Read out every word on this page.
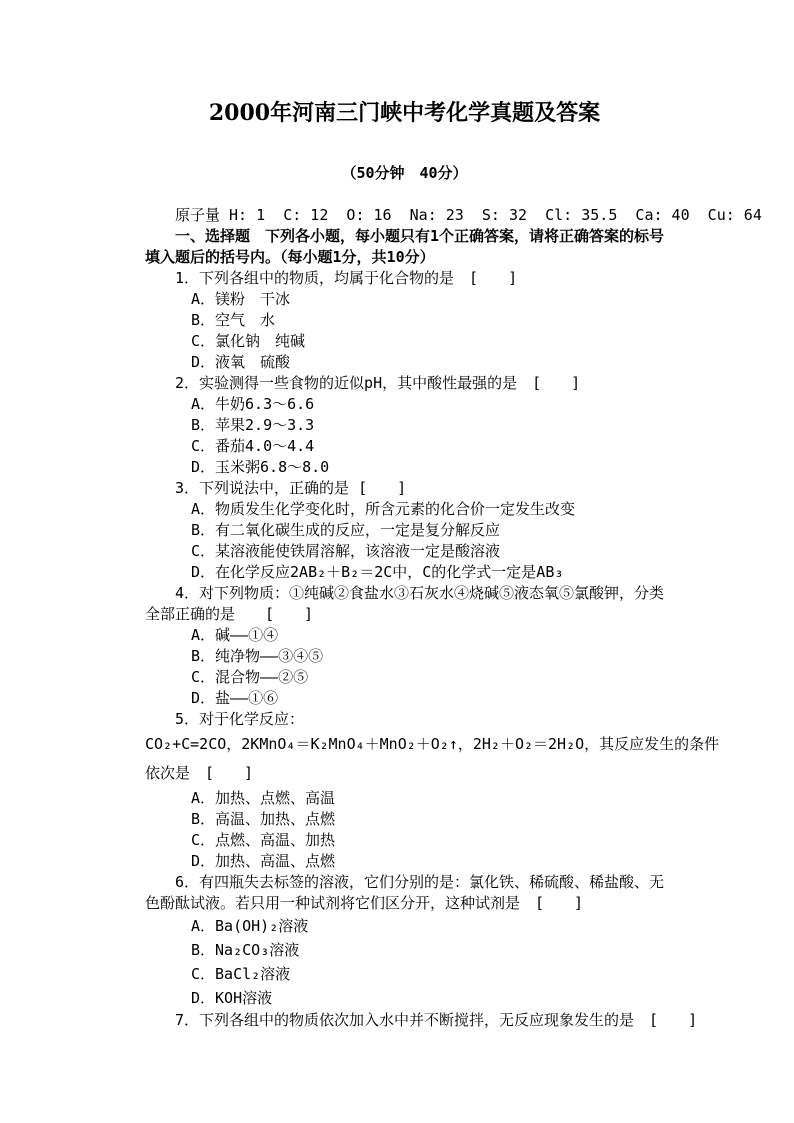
2000年河南三门峡中考化学真题及答案
（50分钟　40分）
原子量 H: 1  C: 12  O: 16  Na: 23  S: 32  Cl: 35.5  Ca: 40  Cu: 64
一、选择题　下列各小题，每小题只有1个正确答案，请将正确答案的标号
填入题后的括号内。（每小题1分，共10分）
1．下列各组中的物质，均属于化合物的是　[　　]
A．镁粉　干冰
B．空气　水
C．氯化钠　纯碱
D．液氧　硫酸
2．实验测得一些食物的近似pH，其中酸性最强的是　[　　]
A．牛奶6.3～6.6
B．苹果2.9～3.3
C．番茄4.0～4.4
D．玉米粥6.8～8.0
3．下列说法中，正确的是 [　　]
A．物质发生化学变化时，所含元素的化合价一定发生改变
B．有二氧化碳生成的反应，一定是复分解反应
C．某溶液能使铁屑溶解，该溶液一定是酸溶液
D．在化学反应2AB₂＋B₂＝2C中，C的化学式一定是AB₃
4．对下列物质：①纯碱②食盐水③石灰水④烧碱⑤液态氧⑤氯酸钾，分类
全部正确的是　　[　　]
A．碱——①④
B．纯净物——③④⑤
C．混合物——②⑤
D．盐——①⑥
5．对于化学反应：
CO₂+C=2CO，2KMnO₄＝K₂MnO₄＋MnO₂＋O₂↑，2H₂＋O₂＝2H₂O，其反应发生的条件
依次是　[　　]
A．加热、点燃、高温
B．高温、加热、点燃
C．点燃、高温、加热
D．加热、高温、点燃
6．有四瓶失去标签的溶液，它们分别的是：氯化铁、稀硫酸、稀盐酸、无
色酚酞试液。若只用一种试剂将它们区分开，这种试剂是　[　　]
A．Ba(OH)₂溶液
B．Na₂CO₃溶液
C．BaCl₂溶液
D．KOH溶液
7．下列各组中的物质依次加入水中并不断搅拌，无反应现象发生的是　[　　]
